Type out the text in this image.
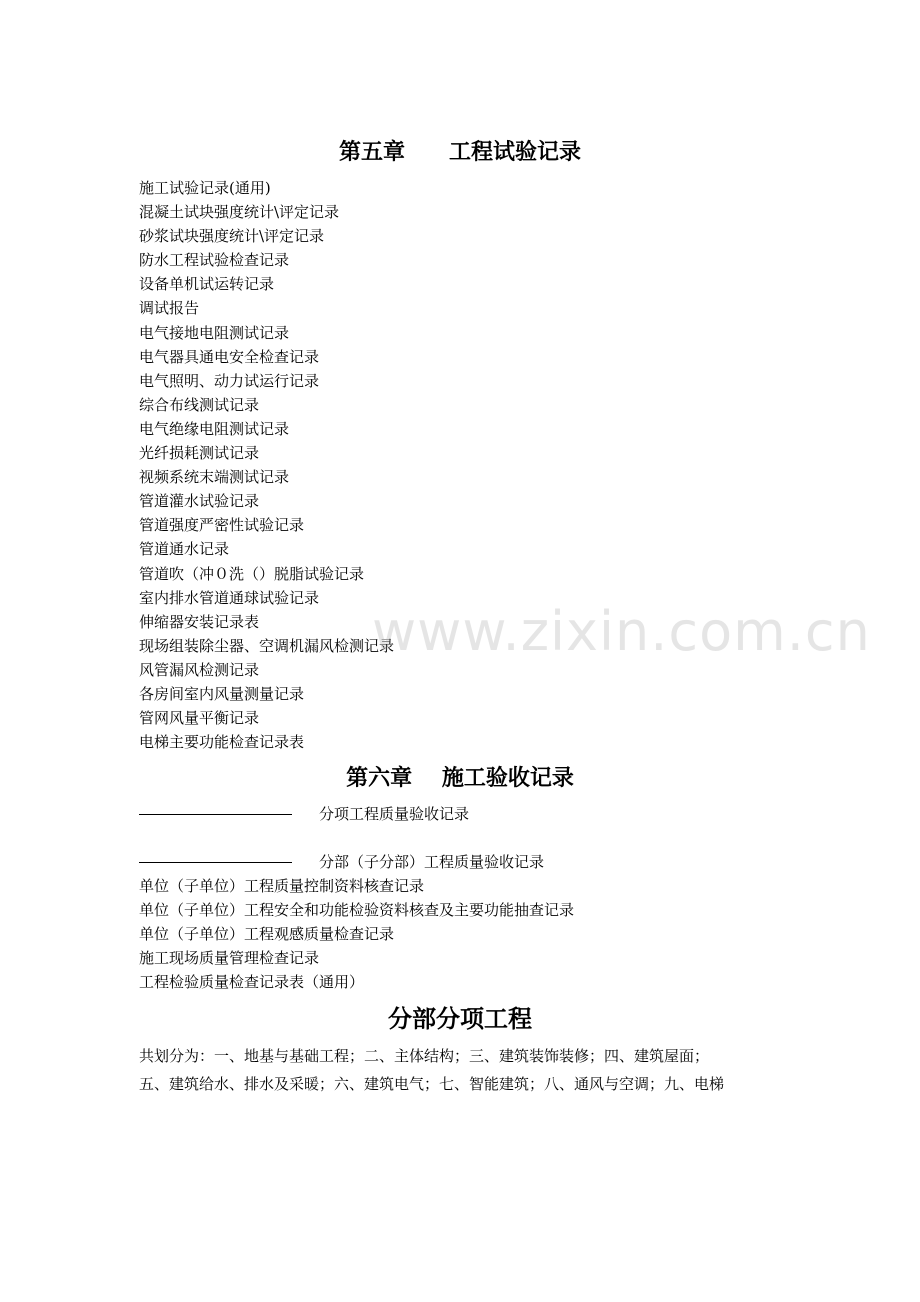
第五章　　工程试验记录
施工试验记录(通用)
混凝土试块强度统计\评定记录
砂浆试块强度统计\评定记录
防水工程试验检查记录
设备单机试运转记录
调试报告
电气接地电阻测试记录
电气器具通电安全检查记录
电气照明、动力试运行记录
综合布线测试记录
电气绝缘电阻测试记录
光纤损耗测试记录
视频系统末端测试记录
管道灌水试验记录
管道强度严密性试验记录
管道通水记录
管道吹（冲０洗（）脱脂试验记录
室内排水管道通球试验记录
伸缩器安装记录表
现场组装除尘器、空调机漏风检测记录
风管漏风检测记录
各房间室内风量测量记录
管网风量平衡记录
电梯主要功能检查记录表
第六章　 施工验收记录
分项工程质量验收记录
分部（子分部）工程质量验收记录
单位（子单位）工程质量控制资料核查记录
单位（子单位）工程安全和功能检验资料核查及主要功能抽查记录
单位（子单位）工程观感质量检查记录
施工现场质量管理检查记录
工程检验质量检查记录表（通用）
分部分项工程
共划分为：一、地基与基础工程；二、主体结构；三、建筑装饰装修；四、建筑屋面；
五、建筑给水、排水及采暖；六、建筑电气；七、智能建筑；八、通风与空调；九、电梯
www.zixin.com.cn
